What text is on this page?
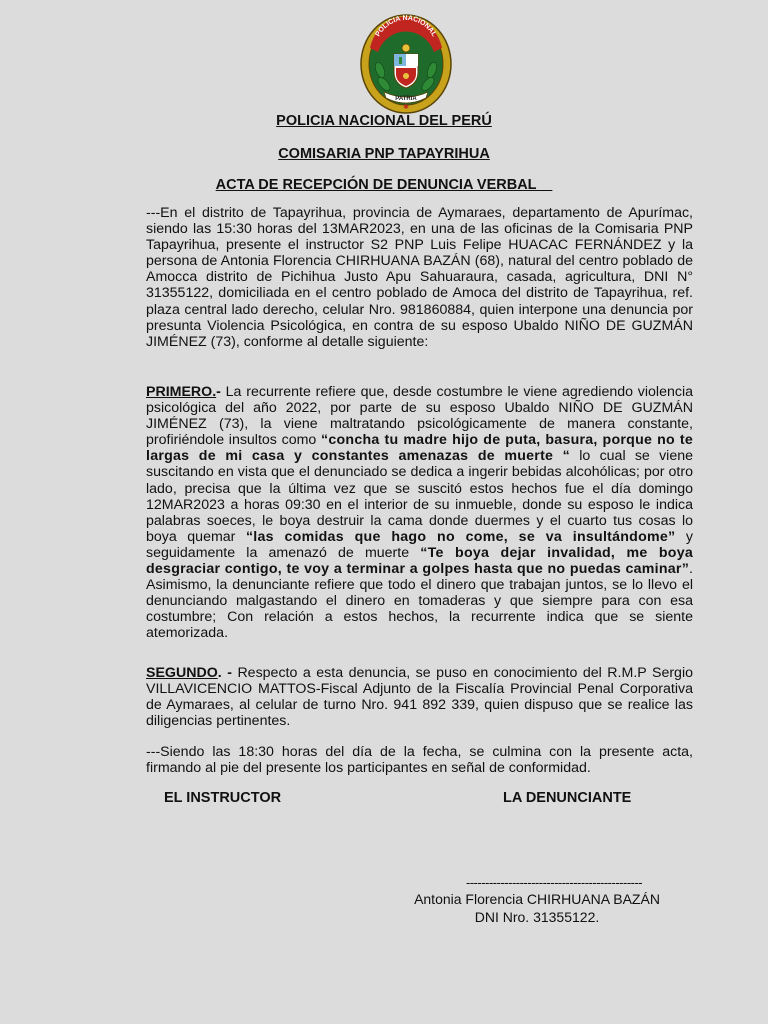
POLICIA NACIONAL
PATRIA
✱
POLICIA NACIONAL DEL PERÚ
COMISARIA PNP TAPAYRIHUA
ACTA DE RECEPCIÓN DE DENUNCIA VERBAL
---En el distrito de Tapayrihua, provincia de Aymaraes, departamento de Apurímac, siendo las 15:30 horas del 13MAR2023, en una de las oficinas de la Comisaria PNP Tapayrihua, presente el instructor S2 PNP Luis Felipe HUACAC FERNÁNDEZ y la persona de Antonia Florencia CHIRHUANA BAZÁN (68), natural del centro poblado de Amocca distrito de Pichihua Justo Apu Sahuaraura, casada, agricultura, DNI N° 31355122, domiciliada en el centro poblado de Amoca del distrito de Tapayrihua, ref. plaza central lado derecho, celular Nro. 981860884, quien interpone una denuncia por presunta Violencia Psicológica, en contra de su esposo Ubaldo NIÑO DE GUZMÁN JIMÉNEZ (73), conforme al detalle siguiente:
PRIMERO.- La recurrente refiere que, desde costumbre le viene agrediendo violencia psicológica del año 2022, por parte de su esposo Ubaldo NIÑO DE GUZMÁN JIMÉNEZ (73), la viene maltratando psicológicamente de manera constante, profiriéndole insultos como “concha tu madre hijo de puta, basura, porque no te largas de mi casa y constantes amenazas de muerte “ lo cual se viene suscitando en vista que el denunciado se dedica a ingerir bebidas alcohólicas; por otro lado, precisa que la última vez que se suscitó estos hechos fue el día domingo 12MAR2023 a horas 09:30 en el interior de su inmueble, donde su esposo le indica palabras soeces, le boya destruir la cama donde duermes y el cuarto tus cosas lo boya quemar “las comidas que hago no come, se va insultándome” y seguidamente la amenazó de muerte “Te boya dejar invalidad, me boya desgraciar contigo, te voy a terminar a golpes hasta que no puedas caminar”. Asimismo, la denunciante refiere que todo el dinero que trabajan juntos, se lo llevo el denunciando malgastando el dinero en tomaderas y que siempre para con esa costumbre; Con relación a estos hechos, la recurrente indica que se siente atemorizada.
SEGUNDO. - Respecto a esta denuncia, se puso en conocimiento del R.M.P Sergio VILLAVICENCIO MATTOS-Fiscal Adjunto de la Fiscalía Provincial Penal Corporativa de Aymaraes, al celular de turno Nro. 941 892 339, quien dispuso que se realice las diligencias pertinentes.
---Siendo las 18:30 horas del día de la fecha, se culmina con la presente acta, firmando al pie del presente los participantes en señal de conformidad.
EL INSTRUCTOR	LA DENUNCIANTE
----------------------------------------------
Antonia Florencia CHIRHUANA BAZÁN
DNI Nro. 31355122.
